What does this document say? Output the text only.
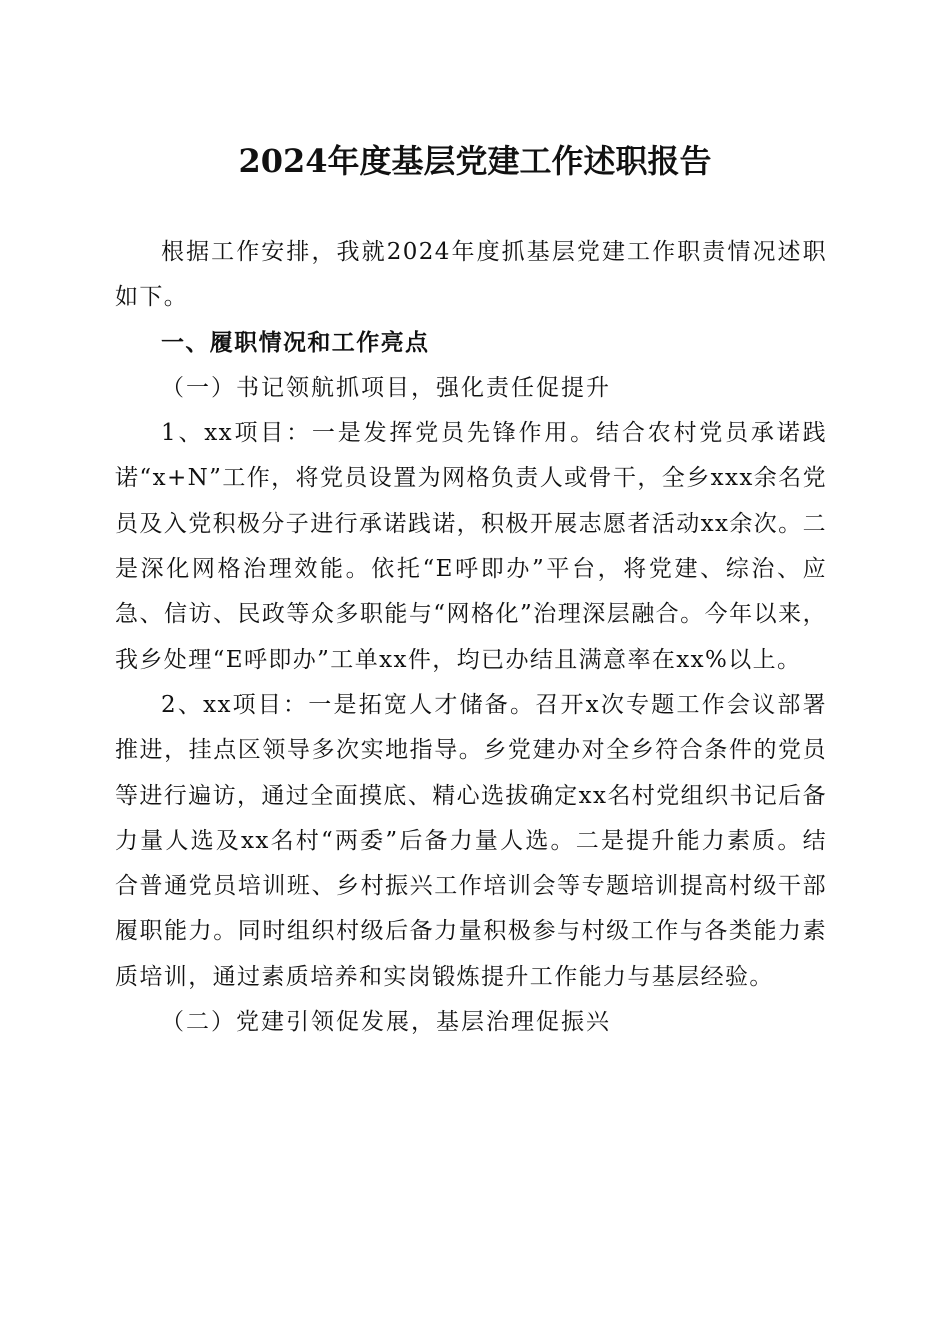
2024年度基层党建工作述职报告

根据工作安排，我就2024年度抓基层党建工作职责情况述职如下。

一、履职情况和工作亮点

（一）书记领航抓项目，强化责任促提升

1、xx项目：一是发挥党员先锋作用。结合农村党员承诺践诺“x+N”工作，将党员设置为网格负责人或骨干，全乡xxx余名党员及入党积极分子进行承诺践诺，积极开展志愿者活动xx余次。二是深化网格治理效能。依托“E呼即办”平台，将党建、综治、应急、信访、民政等众多职能与“网格化”治理深层融合。今年以来，我乡处理“E呼即办”工单xx件，均已办结且满意率在xx%以上。

2、xx项目：一是拓宽人才储备。召开x次专题工作会议部署推进，挂点区领导多次实地指导。乡党建办对全乡符合条件的党员等进行遍访，通过全面摸底、精心选拔确定xx名村党组织书记后备力量人选及xx名村“两委”后备力量人选。二是提升能力素质。结合普通党员培训班、乡村振兴工作培训会等专题培训提高村级干部履职能力。同时组织村级后备力量积极参与村级工作与各类能力素质培训，通过素质培养和实岗锻炼提升工作能力与基层经验。

（二）党建引领促发展，基层治理促振兴
